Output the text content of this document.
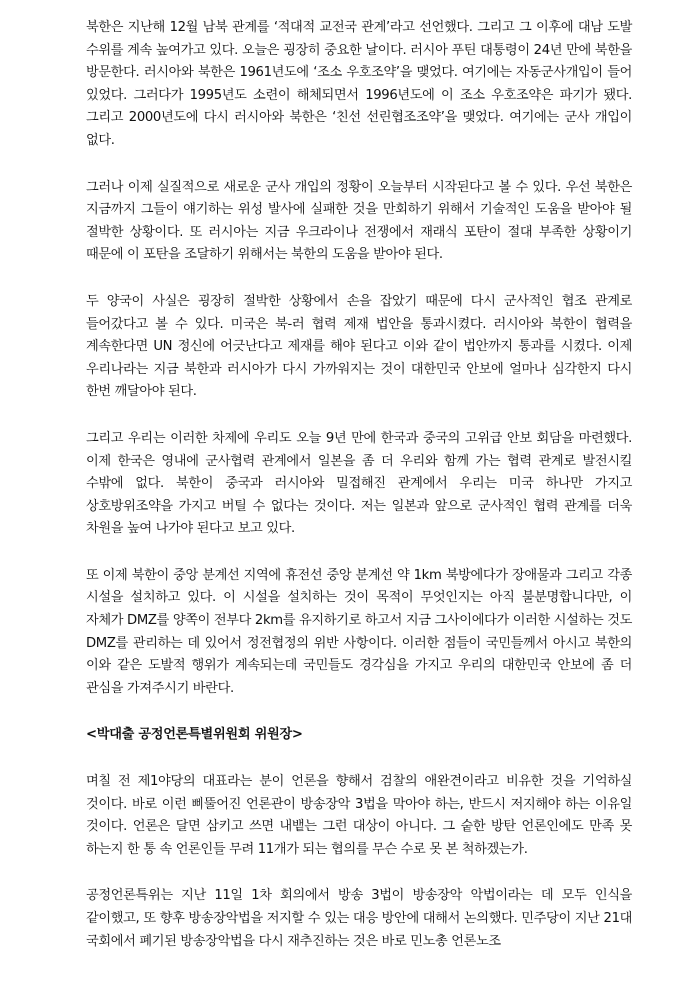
북한은 지난해 12월 남북 관계를 ‘적대적 교전국 관계’라고 선언했다. 그리고 그 이후에 대남 도발 수위를 계속 높여가고 있다. 오늘은 굉장히 중요한 날이다. 러시아 푸틴 대통령이 24년 만에 북한을 방문한다. 러시아와 북한은 1961년도에 ‘조소 우호조약’을 맺었다. 여기에는 자동군사개입이 들어 있었다. 그러다가 1995년도 소련이 해체되면서 1996년도에 이 조소 우호조약은 파기가 됐다. 그리고 2000년도에 다시 러시아와 북한은 ‘친선 선린협조조약’을 맺었다. 여기에는 군사 개입이 없다.

그러나 이제 실질적으로 새로운 군사 개입의 정황이 오늘부터 시작된다고 볼 수 있다. 우선 북한은 지금까지 그들이 얘기하는 위성 발사에 실패한 것을 만회하기 위해서 기술적인 도움을 받아야 될 절박한 상황이다. 또 러시아는 지금 우크라이나 전쟁에서 재래식 포탄이 절대 부족한 상황이기 때문에 이 포탄을 조달하기 위해서는 북한의 도움을 받아야 된다.

두 양국이 사실은 굉장히 절박한 상황에서 손을 잡았기 때문에 다시 군사적인 협조 관계로 들어갔다고 볼 수 있다. 미국은 북-러 협력 제재 법안을 통과시켰다. 러시아와 북한이 협력을 계속한다면 UN 정신에 어긋난다고 제재를 해야 된다고 이와 같이 법안까지 통과를 시켰다. 이제 우리나라는 지금 북한과 러시아가 다시 가까워지는 것이 대한민국 안보에 얼마나 심각한지 다시 한번 깨달아야 된다.

그리고 우리는 이러한 차제에 우리도 오늘 9년 만에 한국과 중국의 고위급 안보 회담을 마련했다. 이제 한국은 영내에 군사협력 관계에서 일본을 좀 더 우리와 함께 가는 협력 관계로 발전시킬 수밖에 없다. 북한이 중국과 러시아와 밀접해진 관계에서 우리는 미국 하나만 가지고 상호방위조약을 가지고 버틸 수 없다는 것이다. 저는 일본과 앞으로 군사적인 협력 관계를 더욱 차원을 높여 나가야 된다고 보고 있다.

또 이제 북한이 중앙 분계선 지역에 휴전선 중앙 분계선 약 1km 북방에다가 장애물과 그리고 각종 시설을 설치하고 있다. 이 시설을 설치하는 것이 목적이 무엇인지는 아직 불분명합니다만, 이 자체가 DMZ를 양쪽이 전부다 2km를 유지하기로 하고서 지금 그사이에다가 이러한 시설하는 것도 DMZ를 관리하는 데 있어서 정전협정의 위반 사항이다. 이러한 점들이 국민들께서 아시고 북한의 이와 같은 도발적 행위가 계속되는데 국민들도 경각심을 가지고 우리의 대한민국 안보에 좀 더 관심을 가져주시기 바란다.

<박대출 공정언론특별위원회 위원장>

며칠 전 제1야당의 대표라는 분이 언론을 향해서 검찰의 애완견이라고 비유한 것을 기억하실 것이다. 바로 이런 삐뚤어진 언론관이 방송장악 3법을 막아야 하는, 반드시 저지해야 하는 이유일 것이다. 언론은 달면 삼키고 쓰면 내뱉는 그런 대상이 아니다. 그 숱한 방탄 언론인에도 만족 못 하는지 한 통 속 언론인들 무려 11개가 되는 협의를 무슨 수로 못 본 척하겠는가.

공정언론특위는 지난 11일 1차 회의에서 방송 3법이 방송장악 악법이라는 데 모두 인식을 같이했고, 또 향후 방송장악법을 저지할 수 있는 대응 방안에 대해서 논의했다. 민주당이 지난 21대 국회에서 폐기된 방송장악법을 다시 재추진하는 것은 바로 민노총 언론노조
